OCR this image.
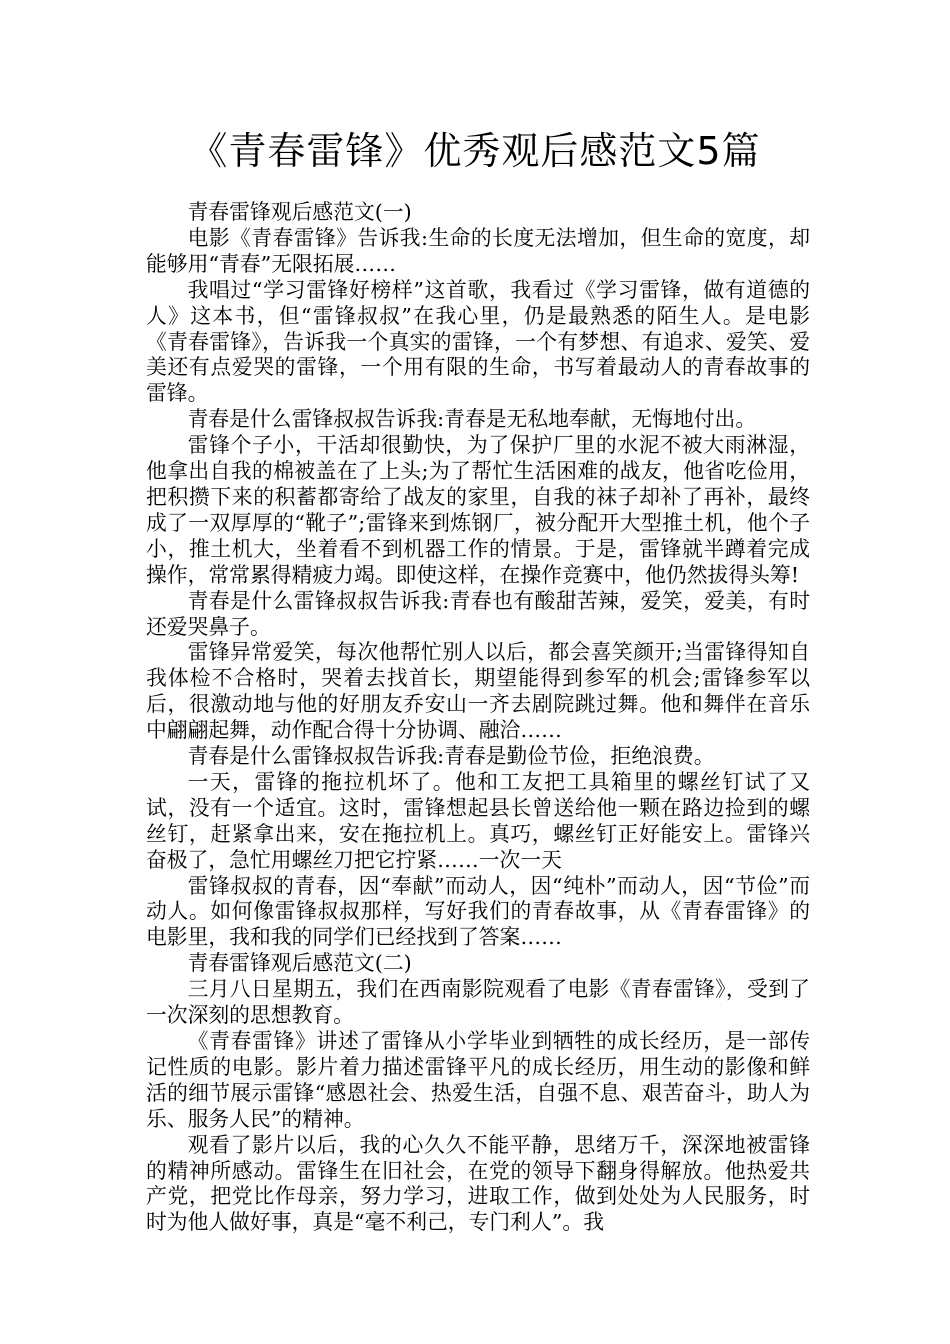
《青春雷锋》优秀观后感范文5篇

青春雷锋观后感范文(一)

电影《青春雷锋》告诉我:生命的长度无法增加，但生命的宽度，却能够用“青春”无限拓展……

我唱过“学习雷锋好榜样”这首歌，我看过《学习雷锋，做有道德的人》这本书，但“雷锋叔叔”在我心里，仍是最熟悉的陌生人。是电影《青春雷锋》，告诉我一个真实的雷锋，一个有梦想、有追求、爱笑、爱美还有点爱哭的雷锋，一个用有限的生命，书写着最动人的青春故事的雷锋。

青春是什么雷锋叔叔告诉我:青春是无私地奉献，无悔地付出。

雷锋个子小，干活却很勤快，为了保护厂里的水泥不被大雨淋湿，他拿出自我的棉被盖在了上头;为了帮忙生活困难的战友，他省吃俭用，把积攒下来的积蓄都寄给了战友的家里，自我的袜子却补了再补，最终成了一双厚厚的“靴子”;雷锋来到炼钢厂，被分配开大型推土机，他个子小，推土机大，坐着看不到机器工作的情景。于是，雷锋就半蹲着完成操作，常常累得精疲力竭。即使这样，在操作竞赛中，他仍然拔得头筹!

青春是什么雷锋叔叔告诉我:青春也有酸甜苦辣，爱笑，爱美，有时还爱哭鼻子。

雷锋异常爱笑，每次他帮忙别人以后，都会喜笑颜开;当雷锋得知自我体检不合格时，哭着去找首长，期望能得到参军的机会;雷锋参军以后，很激动地与他的好朋友乔安山一齐去剧院跳过舞。他和舞伴在音乐中翩翩起舞，动作配合得十分协调、融洽……

青春是什么雷锋叔叔告诉我:青春是勤俭节俭，拒绝浪费。

一天，雷锋的拖拉机坏了。他和工友把工具箱里的螺丝钉试了又试，没有一个适宜。这时，雷锋想起县长曾送给他一颗在路边捡到的螺丝钉，赶紧拿出来，安在拖拉机上。真巧，螺丝钉正好能安上。雷锋兴奋极了，急忙用螺丝刀把它拧紧……一次一天

雷锋叔叔的青春，因“奉献”而动人，因“纯朴”而动人，因“节俭”而动人。如何像雷锋叔叔那样，写好我们的青春故事，从《青春雷锋》的电影里，我和我的同学们已经找到了答案……

青春雷锋观后感范文(二)

三月八日星期五，我们在西南影院观看了电影《青春雷锋》，受到了一次深刻的思想教育。

《青春雷锋》讲述了雷锋从小学毕业到牺牲的成长经历，是一部传记性质的电影。影片着力描述雷锋平凡的成长经历，用生动的影像和鲜活的细节展示雷锋“感恩社会、热爱生活，自强不息、艰苦奋斗，助人为乐、服务人民”的精神。

观看了影片以后，我的心久久不能平静，思绪万千，深深地被雷锋的精神所感动。雷锋生在旧社会，在党的领导下翻身得解放。他热爱共产党，把党比作母亲，努力学习，进取工作，做到处处为人民服务，时时为他人做好事，真是“毫不利己，专门利人”。我
